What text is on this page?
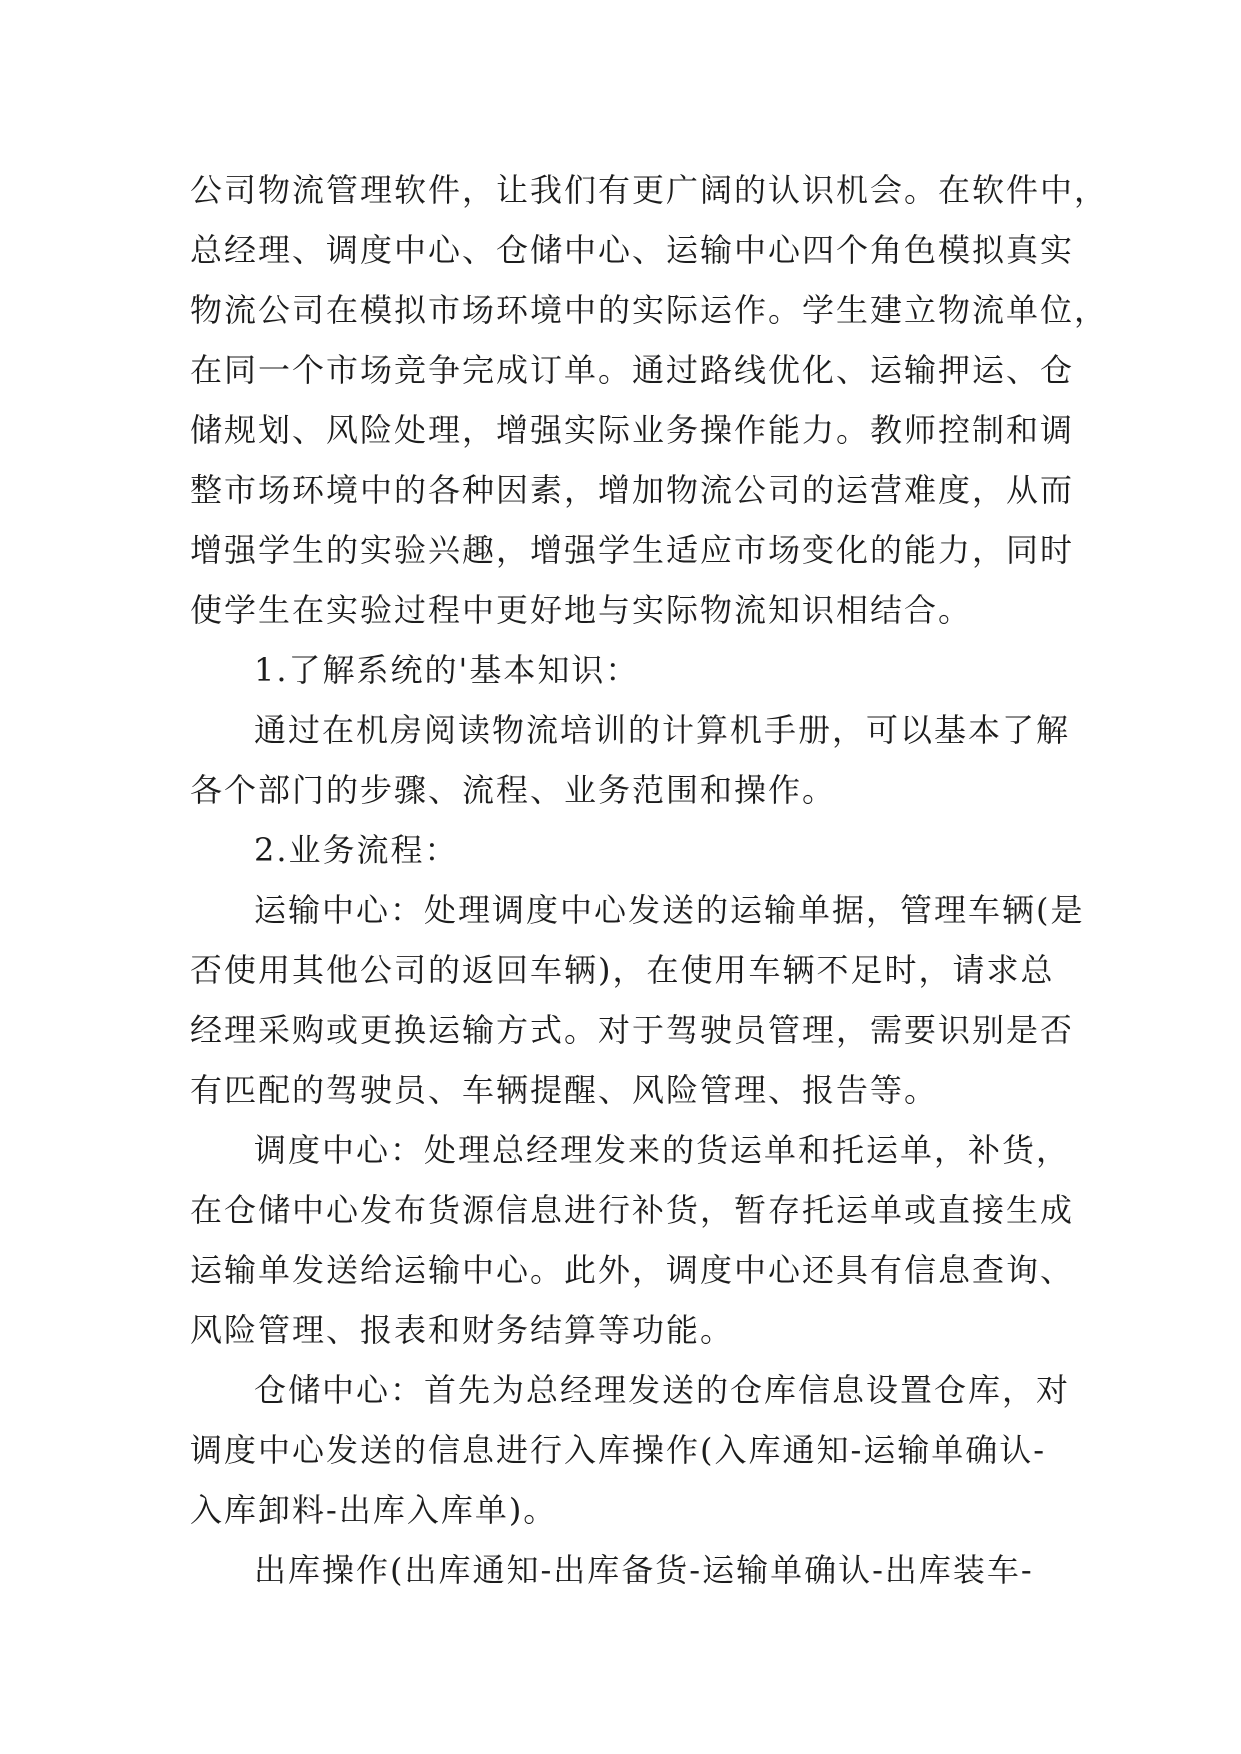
公司物流管理软件，让我们有更广阔的认识机会。在软件中，
总经理、调度中心、仓储中心、运输中心四个角色模拟真实
物流公司在模拟市场环境中的实际运作。学生建立物流单位，
在同一个市场竞争完成订单。通过路线优化、运输押运、仓
储规划、风险处理，增强实际业务操作能力。教师控制和调
整市场环境中的各种因素，增加物流公司的运营难度，从而
增强学生的实验兴趣，增强学生适应市场变化的能力，同时
使学生在实验过程中更好地与实际物流知识相结合。
1.了解系统的'基本知识：
通过在机房阅读物流培训的计算机手册，可以基本了解
各个部门的步骤、流程、业务范围和操作。
2.业务流程：
运输中心：处理调度中心发送的运输单据，管理车辆(是
否使用其他公司的返回车辆)，在使用车辆不足时，请求总
经理采购或更换运输方式。对于驾驶员管理，需要识别是否
有匹配的驾驶员、车辆提醒、风险管理、报告等。
调度中心：处理总经理发来的货运单和托运单，补货，
在仓储中心发布货源信息进行补货，暂存托运单或直接生成
运输单发送给运输中心。此外，调度中心还具有信息查询、
风险管理、报表和财务结算等功能。
仓储中心：首先为总经理发送的仓库信息设置仓库，对
调度中心发送的信息进行入库操作(入库通知-运输单确认-
入库卸料-出库入库单)。
出库操作(出库通知-出库备货-运输单确认-出库装车-
